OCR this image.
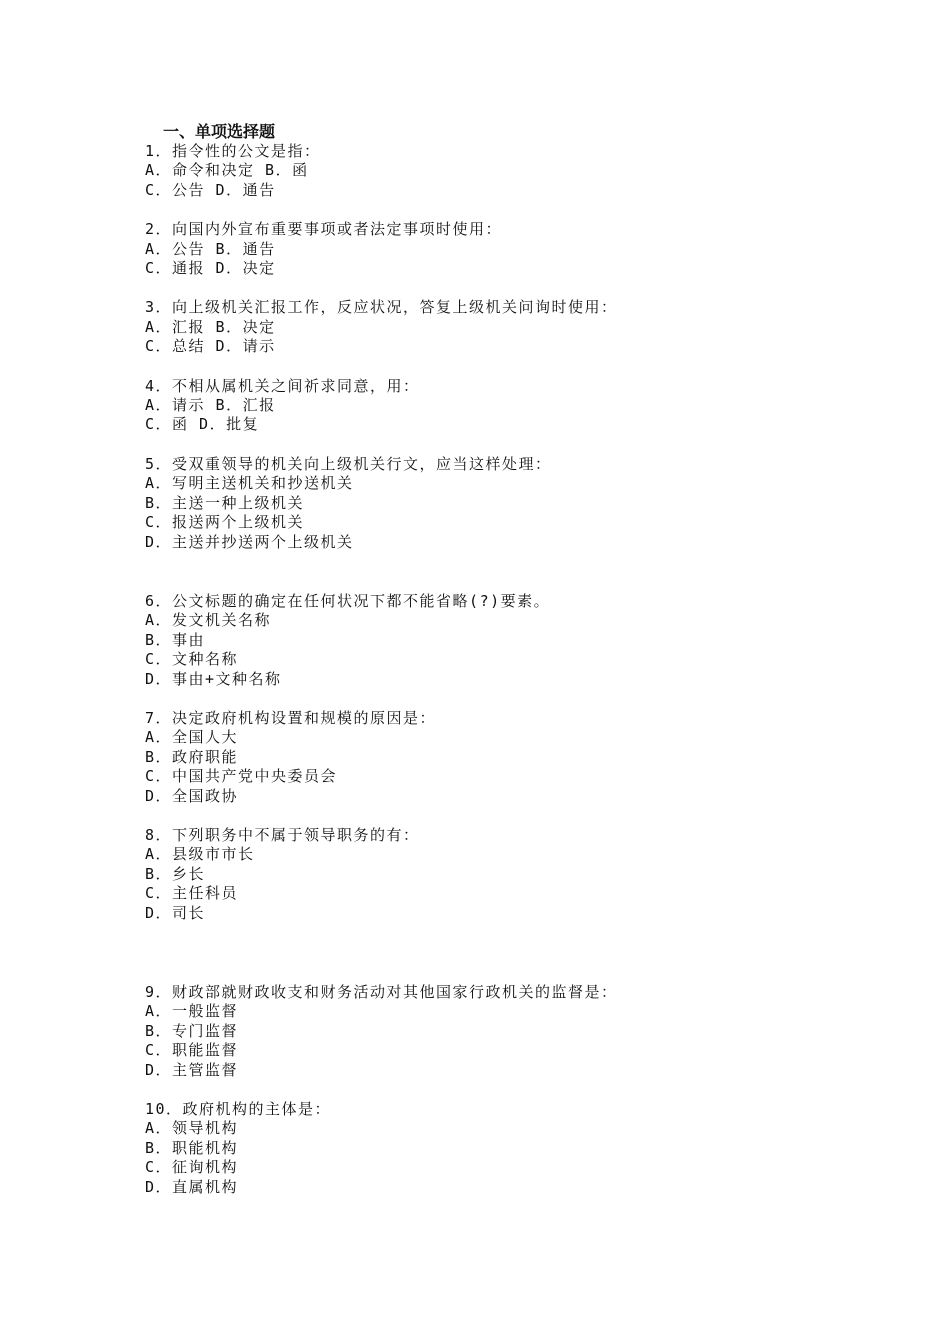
一、单项选择题
1．指令性的公文是指：
A．命令和决定 B．函
C．公告 D．通告
2．向国内外宣布重要事项或者法定事项时使用：
A．公告 B．通告
C．通报 D．决定
3．向上级机关汇报工作，反应状况，答复上级机关问询时使用：
A．汇报 B．决定
C．总结 D．请示
4．不相从属机关之间祈求同意，用：
A．请示 B．汇报
C．函 D．批复
5．受双重领导的机关向上级机关行文，应当这样处理：
A．写明主送机关和抄送机关
B．主送一种上级机关
C．报送两个上级机关
D．主送并抄送两个上级机关
6．公文标题的确定在任何状况下都不能省略(?)要素。
A．发文机关名称
B．事由
C．文种名称
D．事由+文种名称
7．决定政府机构设置和规模的原因是：
A．全国人大
B．政府职能
C．中国共产党中央委员会
D．全国政协
8．下列职务中不属于领导职务的有：
A．县级市市长
B．乡长
C．主任科员
D．司长
9．财政部就财政收支和财务活动对其他国家行政机关的监督是：
A．一般监督
B．专门监督
C．职能监督
D．主管监督
10．政府机构的主体是：
A．领导机构
B．职能机构
C．征询机构
D．直属机构
